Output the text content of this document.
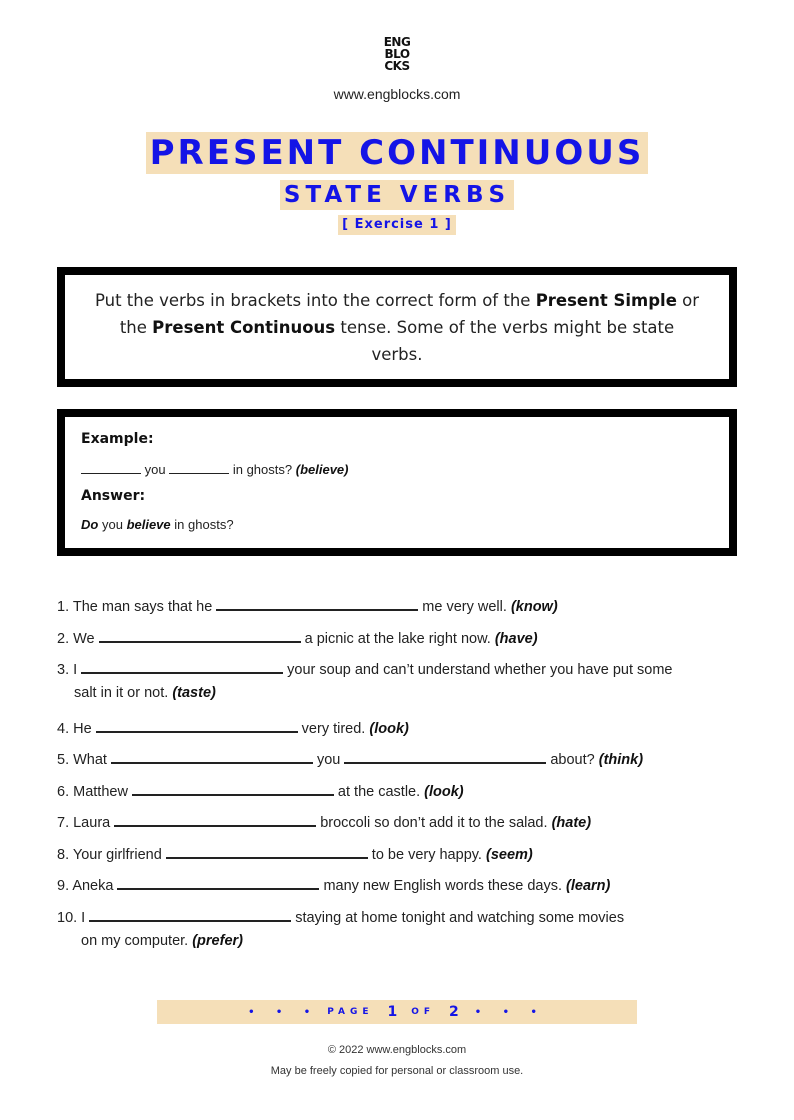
ENG
BLO
CKS
www.engblocks.com
PRESENT CONTINUOUS
STATE VERBS
[ Exercise 1 ]
Put the verbs in brackets into the correct form of the Present Simple or the Present Continuous tense. Some of the verbs might be state verbs.
Example:
you	in ghosts? (believe)
Answer:
Do you believe in ghosts?
1. The man says that he	me very well. (know)
2. We	a picnic at the lake right now. (have)
3. I	your soup and can’t understand whether you have put some
salt in it or not. (taste)
4. He	very tired. (look)
5. What	you	about? (think)
6. Matthew	at the castle. (look)
7. Laura	broccoli so don’t add it to the salad. (hate)
8. Your girlfriend	to be very happy. (seem)
9. Aneka	many new English words these days. (learn)
10. I	staying at home tonight and watching some movies
on my computer. (prefer)
• • • PAGE 1 OF 2 • • •
© 2022 www.engblocks.com
May be freely copied for personal or classroom use.
